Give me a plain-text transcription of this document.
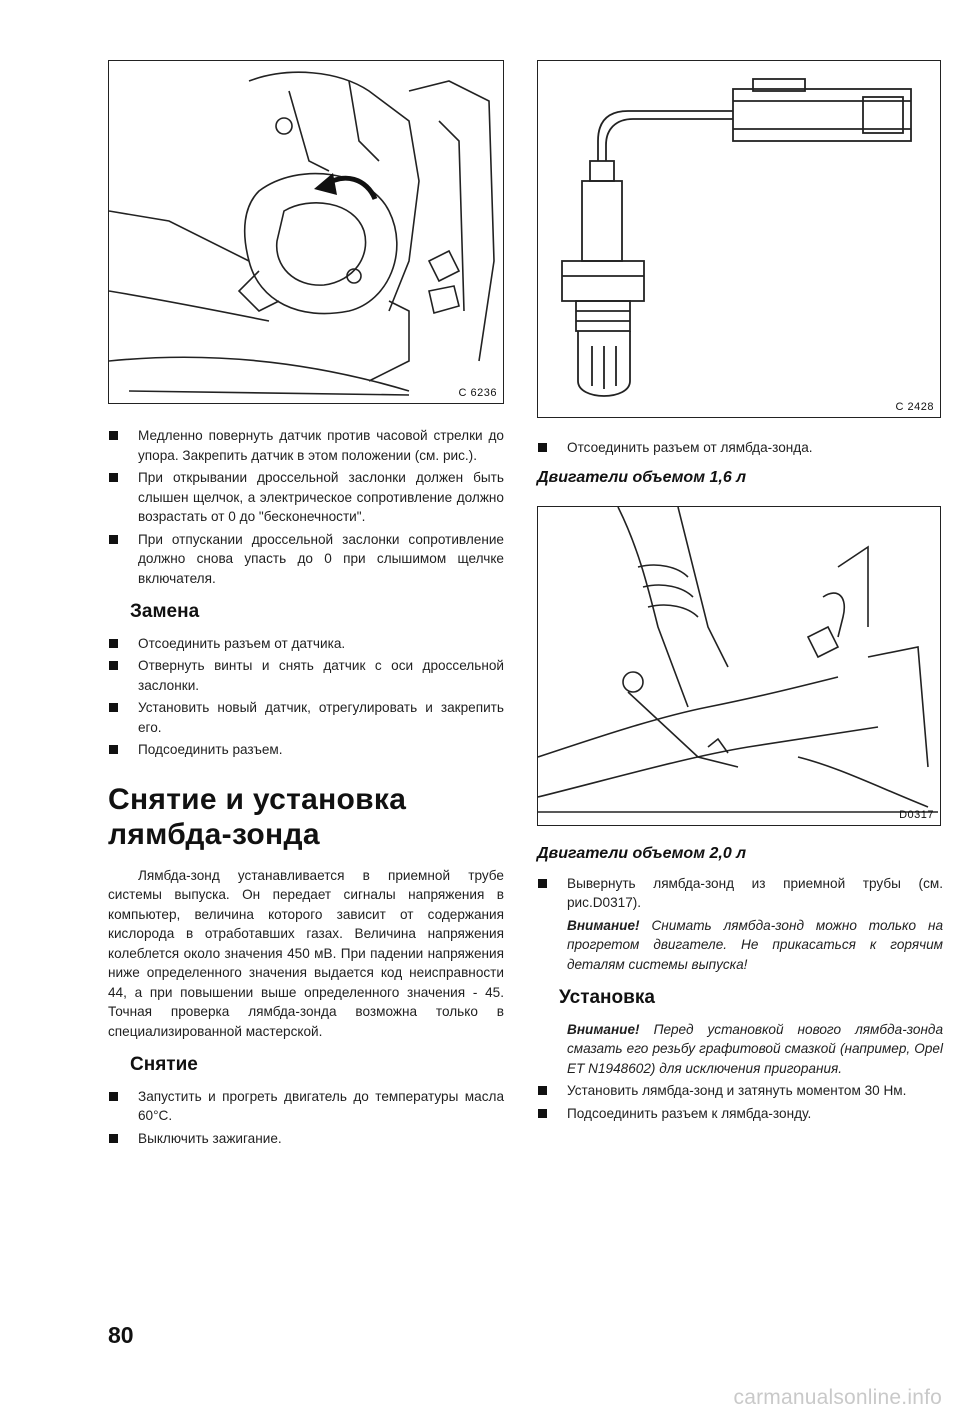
C 6236

Медленно повернуть датчик против часовой стрелки до упора. Закрепить датчик в этом положении (см. рис.).

При открывании дроссельной заслонки должен быть слышен щелчок, а электрическое сопротивление должно возрастать от 0 до "бесконечности".

При отпускании дроссельной заслонки сопротивление должно снова упасть до 0 при слышимом щелчке включателя.

Замена

Отсоединить разъем от датчика.

Отвернуть винты и снять датчик с оси дроссельной заслонки.

Установить новый датчик, отрегулировать и закрепить его.

Подсоединить разъем.

Снятие и установка
лямбда-зонда

Лямбда-зонд устанавливается в приемной трубе системы выпуска. Он передает сигналы напряжения в компьютер, величина которого зависит от содержания кислорода в отработавших газах. Величина напряжения колеблется около значения 450 мВ. При падении напряжения ниже определенного значения выдается код неисправности 44, а при повышении выше определенного значения - 45. Точная проверка лямбда-зонда возможна только в специализированной мастерской.

Снятие

Запустить и прогреть двигатель до температуры масла 60°С.

Выключить зажигание.

C 2428

Отсоединить разъем от лямбда-зонда.

Двигатели объемом 1,6 л
D0317
Двигатели объемом 2,0 л

Вывернуть лямбда-зонд из приемной трубы (см. рис.D0317).

Внимание! Снимать лямбда-зонд можно только на прогретом двигателе. Не прикасаться к горячим деталям системы выпуска!

Установка

Внимание! Перед установкой нового лямбда-зонда смазать его резьбу графитовой смазкой (например, Opel ET N1948602) для исключения пригорания.

Установить лямбда-зонд и затянуть моментом 30 Нм.

Подсоединить разъем к лямбда-зонду.

80
carmanualsonline.info
